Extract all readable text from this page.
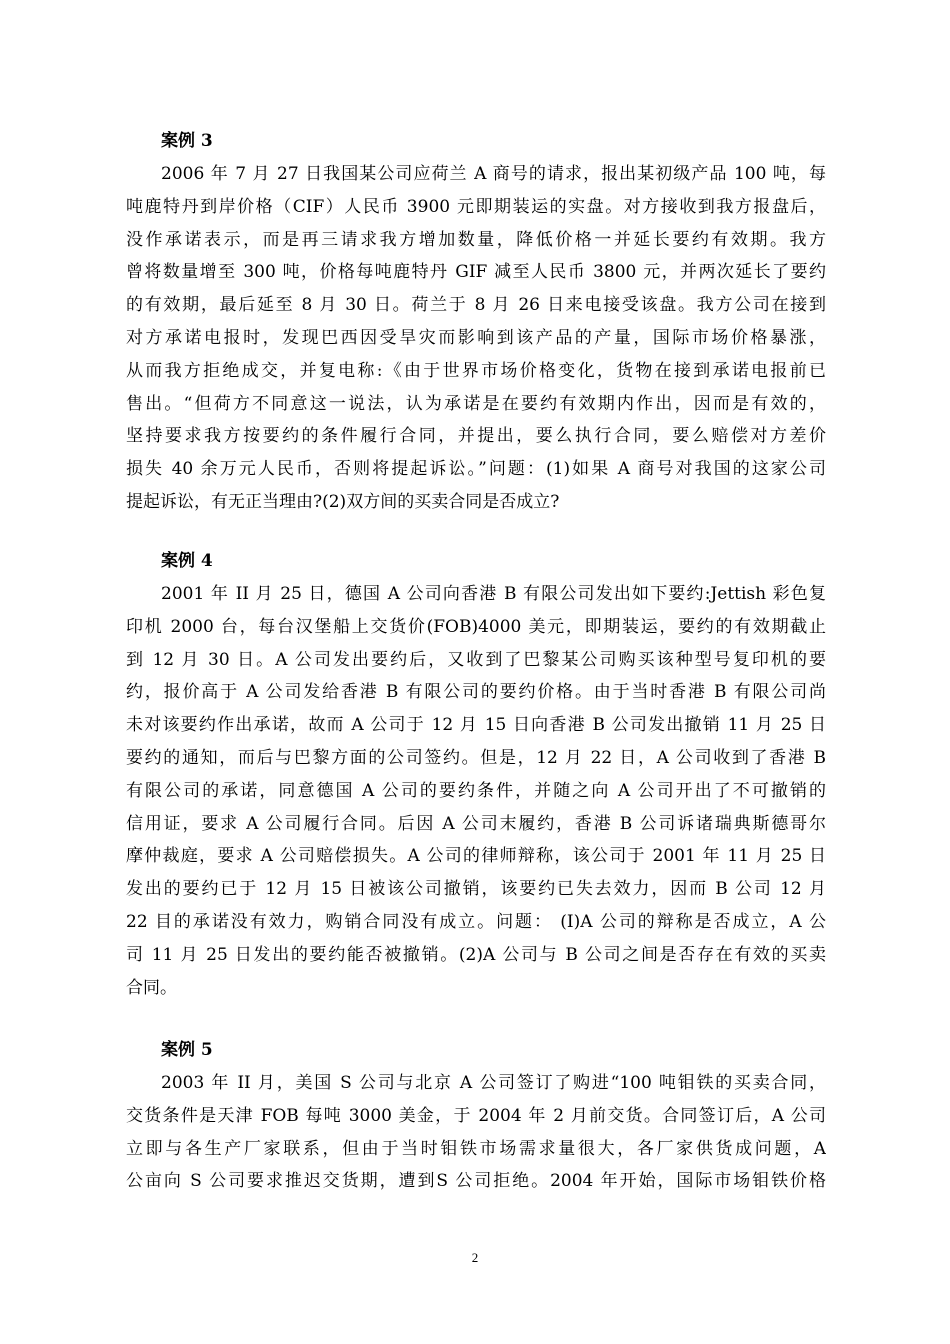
案例 3
2006 年 7 月 27 日我国某公司应荷兰 A 商号的请求，报出某初级产品 100 吨，每
吨鹿特丹到岸价格（CIF）人民币 3900 元即期装运的实盘。对方接收到我方报盘后，
没作承诺表示，而是再三请求我方增加数量，降低价格一并延长要约有效期。我方
曾将数量增至 300 吨，价格每吨鹿特丹 GIF 减至人民币 3800 元，并两次延长了要约
的有效期，最后延至 8 月 30 日。荷兰于 8 月 26 日来电接受该盘。我方公司在接到
对方承诺电报时，发现巴西因受旱灾而影响到该产品的产量，国际市场价格暴涨，
从而我方拒绝成交，并复电称:《由于世界市场价格变化，货物在接到承诺电报前已
售出。“但荷方不同意这一说法，认为承诺是在要约有效期内作出，因而是有效的，
坚持要求我方按要约的条件履行合同，并提出，要么执行合同，要么赔偿对方差价
损失 40 余万元人民币，否则将提起诉讼。”问题：(1)如果 A 商号对我国的这家公司
提起诉讼，有无正当理由?(2)双方间的买卖合同是否成立?
案例 4
2001 年 II 月 25 日，德国 A 公司向香港 B 有限公司发出如下要约:Jettish 彩色复
印机 2000 台，每台汉堡船上交货价(FOB)4000 美元，即期装运，要约的有效期截止
到 12 月 30 日。A 公司发出要约后，又收到了巴黎某公司购买该种型号复印机的要
约，报价高于 A 公司发给香港 B 有限公司的要约价格。由于当时香港 B 有限公司尚
未对该要约作出承诺，故而 A 公司于 12 月 15 日向香港 B 公司发出撤销 11 月 25 日
要约的通知，而后与巴黎方面的公司签约。但是，12 月 22 日，A 公司收到了香港 B
有限公司的承诺，同意德国 A 公司的要约条件，并随之向 A 公司开出了不可撤销的
信用证，要求 A 公司履行合同。后因 A 公司末履约，香港 B 公司诉诸瑞典斯德哥尔
摩仲裁庭，要求 A 公司赔偿损失。A 公司的律师辩称，该公司于 2001 年 11 月 25 日
发出的要约已于 12 月 15 日被该公司撤销，该要约已失去效力，因而 B 公司 12 月
22 目的承诺没有效力，购销合同没有成立。问题： (I)A 公司的辩称是否成立，A 公
司 11 月 25 日发出的要约能否被撤销。(2)A 公司与 B 公司之间是否存在有效的买卖
合同。
案例 5
2003 年 II 月，美国 S 公司与北京 A 公司签订了购进“100 吨钼铁的买卖合同，
交货条件是天津 FOB 每吨 3000 美金，于 2004 年 2 月前交货。合同签订后，A 公司
立即与各生产厂家联系，但由于当时钼铁市场需求量很大，各厂家供货成问题，A
公亩向 S 公司要求推迟交货期，遭到S 公司拒绝。2004 年开始，国际市场钼铁价格
2
